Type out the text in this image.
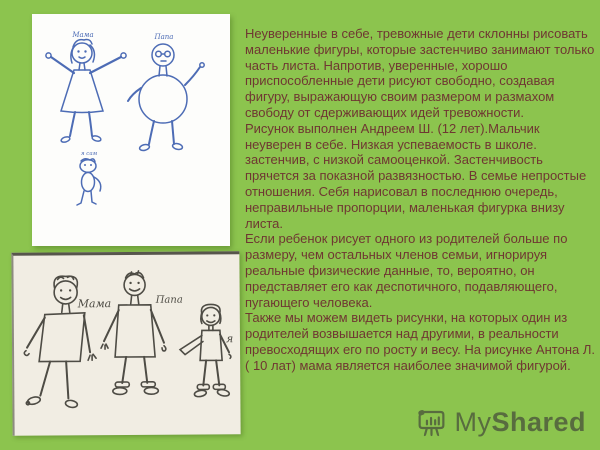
Мама	Папа
я сам
Мама	Папа
я

Неуверенные в себе, тревожные дети склонны рисовать маленькие фигуры, которые застенчиво занимают только часть листа. Напротив, уверенные, хорошо приспособленные дети рисуют свободно, создавая фигуру, выражающую своим размером и размахом свободу от сдерживающих идей тревожности.

Рисунок выполнен Андреем Ш. (12 лет).Мальчик неуверен в себе. Низкая успеваемость в школе. застенчив, с низкой самооценкой. Застенчивость прячется за показной развязностью. В семье непростые отношения. Себя нарисовал в последнюю очередь, неправильные пропорции, маленькая фигурка внизу листа.

Если ребенок рисует одного из родителей больше по размеру, чем остальных членов семьи, игнорируя реальные физические данные, то, вероятно, он представляет его как деспотичного, подавляющего, пугающего человека.

Также мы можем видеть рисунки, на которых один из родителей возвышается над другими, в реальности превосходящих его по росту и весу. На рисунке Антона Л. ( 10 лат) мама является наиболее значимой фигурой.

MyShared
